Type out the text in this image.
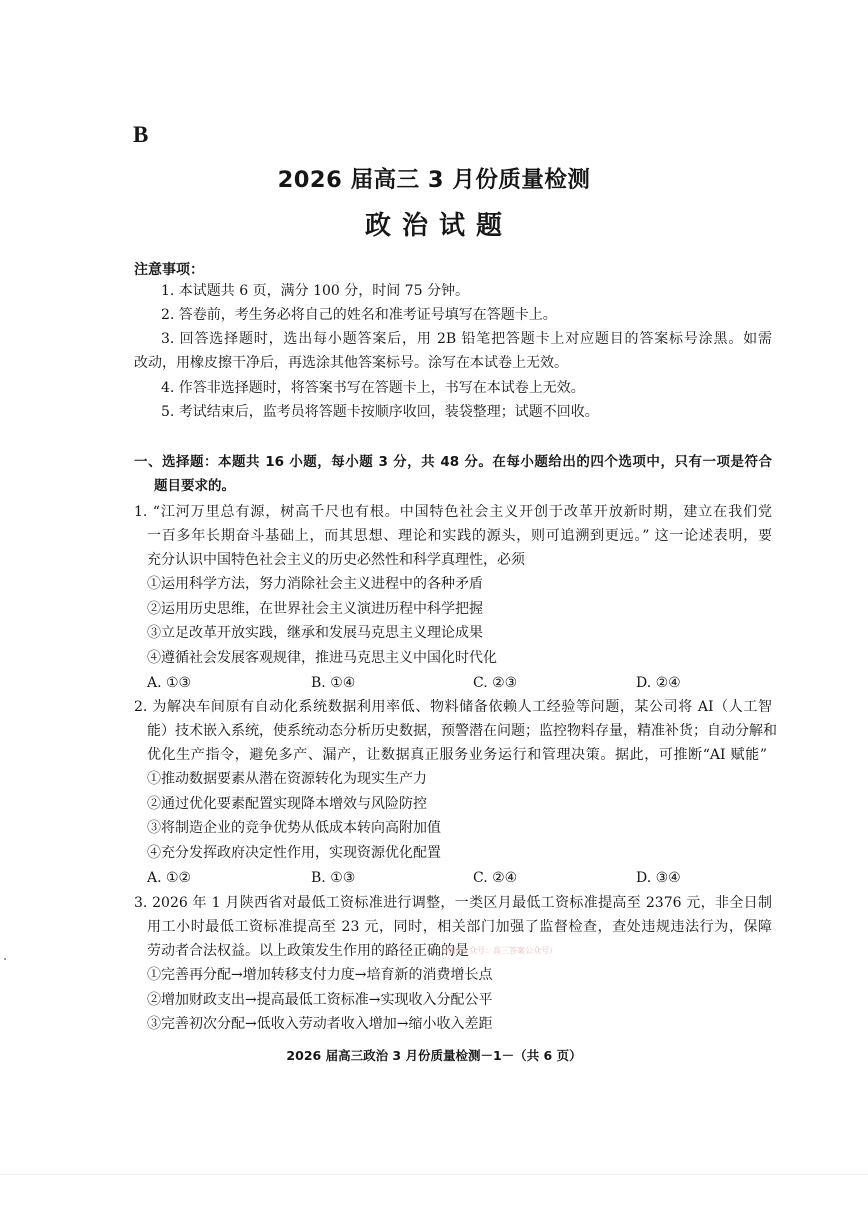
B
2026 届高三 3 月份质量检测
政治试题
注意事项：
1. 本试题共 6 页，满分 100 分，时间 75 分钟。
2. 答卷前，考生务必将自己的姓名和准考证号填写在答题卡上。
3. 回答选择题时，选出每小题答案后，用 2B 铅笔把答题卡上对应题目的答案标号涂黑。如需
改动，用橡皮擦干净后，再选涂其他答案标号。涂写在本试卷上无效。
4. 作答非选择题时，将答案书写在答题卡上，书写在本试卷上无效。
5. 考试结束后，监考员将答题卡按顺序收回，装袋整理；试题不回收。
一、选择题：本题共 16 小题，每小题 3 分，共 48 分。在每小题给出的四个选项中，只有一项是符合
题目要求的。
1. “江河万里总有源，树高千尺也有根。中国特色社会主义开创于改革开放新时期，建立在我们党
一百多年长期奋斗基础上，而其思想、理论和实践的源头，则可追溯到更远。” 这一论述表明，要
充分认识中国特色社会主义的历史必然性和科学真理性，必须
①运用科学方法，努力消除社会主义进程中的各种矛盾
②运用历史思维，在世界社会主义演进历程中科学把握
③立足改革开放实践，继承和发展马克思主义理论成果
④遵循社会发展客观规律，推进马克思主义中国化时代化
A. ①③	B. ①④	C. ②③	D. ②④
2. 为解决车间原有自动化系统数据利用率低、物料储备依赖人工经验等问题，某公司将 AI（人工智
能）技术嵌入系统，使系统动态分析历史数据，预警潜在问题；监控物料存量，精准补货；自动分解和
优化生产指令，避免多产、漏产，让数据真正服务业务运行和管理决策。据此，可推断“AI 赋能”
①推动数据要素从潜在资源转化为现实生产力
②通过优化要素配置实现降本增效与风险防控
③将制造企业的竞争优势从低成本转向高附加值
④充分发挥政府决定性作用，实现资源优化配置
A. ①②	B. ①③	C. ②④	D. ③④
3. 2026 年 1 月陕西省对最低工资标准进行调整，一类区月最低工资标准提高至 2376 元，非全日制
用工小时最低工资标准提高至 23 元，同时，相关部门加强了监督检查，查处违规违法行为，保障
劳动者合法权益。以上政策发生作用的路径正确的是
（微信公众号：高三答案公众号）
①完善再分配→增加转移支付力度→培育新的消费增长点
②增加财政支出→提高最低工资标准→实现收入分配公平
③完善初次分配→低收入劳动者收入增加→缩小收入差距
2026 届高三政治 3 月份质量检测－1－（共 6 页）
